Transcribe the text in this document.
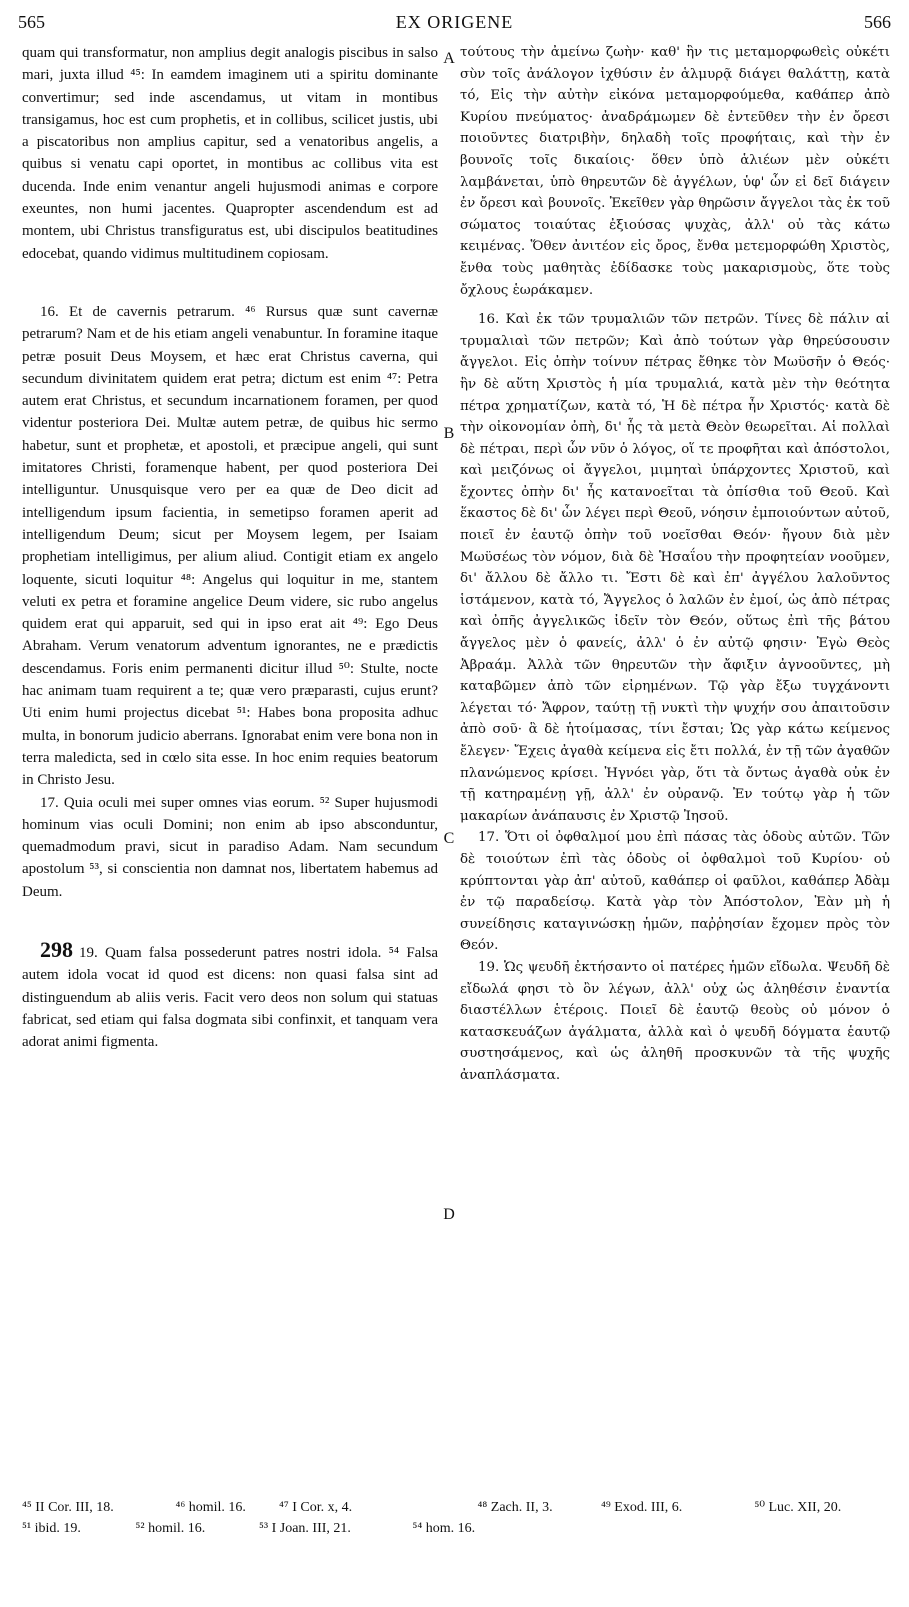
565	EX ORIGENE	566

quam qui transformatur, non amplius degit analogis piscibus in salso mari, juxta illud ⁴⁵: In eamdem imaginem uti a spiritu dominante convertimur; sed inde ascendamus, ut vitam in montibus transigamus, hoc est cum prophetis, et in collibus, scilicet justis, ubi a piscatoribus non amplius capitur, sed a venatoribus angelis, a quibus si venatu capi oportet, in montibus ac collibus vita est ducenda. Inde enim venantur angeli hujusmodi animas e corpore exeuntes, non humi jacentes. Quapropter ascendendum est ad montem, ubi Christus transfiguratus est, ubi discipulos beatitudines edocebat, quando vidimus multitudinem copiosam.

16. Et de cavernis petrarum. ⁴⁶ Rursus quæ sunt cavernæ petrarum? Nam et de his etiam angeli venabuntur. In foramine itaque petræ posuit Deus Moysem, et hæc erat Christus caverna, qui secundum divinitatem quidem erat petra; dictum est enim ⁴⁷: Petra autem erat Christus, et secundum incarnationem foramen, per quod videntur posteriora Dei. Multæ autem petræ, de quibus hic sermo habetur, sunt et prophetæ, et apostoli, et præcipue angeli, qui sunt imitatores Christi, foramenque habent, per quod posteriora Dei intelliguntur. Unusquisque vero per ea quæ de Deo dicit ad intelligendum ipsum facientia, in semetipso foramen aperit ad intelligendum Deum; sicut per Moysem legem, per Isaiam prophetiam intelligimus, per alium aliud. Contigit etiam ex angelo loquente, sicuti loquitur ⁴⁸: Angelus qui loquitur in me, stantem veluti ex petra et foramine angelice Deum videre, sic rubo angelus quidem erat qui apparuit, sed qui in ipso erat ait ⁴⁹: Ego Deus Abraham. Verum venatorum adventum ignorantes, ne e prædictis descendamus. Foris enim permanenti dicitur illud ⁵⁰: Stulte, nocte hac animam tuam requirent a te; quæ vero præparasti, cujus erunt? Uti enim humi projectus dicebat ⁵¹: Habes bona proposita adhuc multa, in bonorum judicio aberrans. Ignorabat enim vere bona non in terra maledicta, sed in cœlo sita esse. In hoc enim requies beatorum in Christo Jesu.

17. Quia oculi mei super omnes vias eorum. ⁵² Super hujusmodi hominum vias oculi Domini; non enim ab ipso absconduntur, quemadmodum pravi, sicut in paradiso Adam. Nam secundum apostolum ⁵³, si conscientia non damnat nos, libertatem habemus ad Deum.

298 19. Quam falsa possederunt patres nostri idola. ⁵⁴ Falsa autem idola vocat id quod est dicens: non quasi falsa sint ad distinguendum ab aliis veris. Facit vero deos non solum qui statuas fabricat, sed etiam qui falsa dogmata sibi confinxit, et tanquam vera adorat animi figmenta.

A
B
C
D

τούτους τὴν ἀμείνω ζωὴν· καθ' ἣν τις μεταμορφωθεὶς οὐκέτι σὺν τοῖς ἀνάλογον ἰχθύσιν ἐν ἁλμυρᾷ διάγει θαλάττῃ, κατὰ τό, Εἰς τὴν αὐτὴν εἰκόνα μεταμορφούμεθα, καθάπερ ἀπὸ Κυρίου πνεύματος· ἀναδράμωμεν δὲ ἐντεῦθεν τὴν ἐν ὄρεσι ποιοῦντες διατριβὴν, δηλαδὴ τοῖς προφήταις, καὶ τὴν ἐν βουνοῖς τοῖς δικαίοις· ὅθεν ὑπὸ ἁλιέων μὲν οὐκέτι λαμβάνεται, ὑπὸ θηρευτῶν δὲ ἀγγέλων, ὑφ' ὧν εἰ δεῖ διάγειν ἐν ὄρεσι καὶ βουνοῖς. Ἐκεῖθεν γὰρ θηρῶσιν ἄγγελοι τὰς ἐκ τοῦ σώματος τοιαύτας ἐξιούσας ψυχὰς, ἀλλ' οὐ τὰς κάτω κειμένας. Ὅθεν ἀνιτέον εἰς ὄρος, ἔνθα μετεμορφώθη Χριστὸς, ἔνθα τοὺς μαθητὰς ἐδίδασκε τοὺς μακαρισμοὺς, ὅτε τοὺς ὄχλους ἑωράκαμεν.

16. Καὶ ἐκ τῶν τρυμαλιῶν τῶν πετρῶν. Τίνες δὲ πάλιν αἱ τρυμαλιαὶ τῶν πετρῶν; Καὶ ἀπὸ τούτων γὰρ θηρεύσουσιν ἄγγελοι. Εἰς ὀπὴν τοίνυν πέτρας ἔθηκε τὸν Μωϋσῆν ὁ Θεός· ἣν δὲ αὕτη Χριστὸς ἡ μία τρυμαλιά, κατὰ μὲν τὴν θεότητα πέτρα χρηματίζων, κατὰ τό, Ἡ δὲ πέτρα ἦν Χριστός· κατὰ δὲ τὴν οἰκονομίαν ὀπὴ, δι' ἧς τὰ μετὰ Θεὸν θεωρεῖται. Αἱ πολλαὶ δὲ πέτραι, περὶ ὧν νῦν ὁ λόγος, οἵ τε προφῆται καὶ ἀπόστολοι, καὶ μειζόνως οἱ ἄγγελοι, μιμηταὶ ὑπάρχοντες Χριστοῦ, καὶ ἔχοντες ὀπὴν δι' ἧς κατανοεῖται τὰ ὀπίσθια τοῦ Θεοῦ. Καὶ ἕκαστος δὲ δι' ὧν λέγει περὶ Θεοῦ, νόησιν ἐμποιούντων αὐτοῦ, ποιεῖ ἐν ἑαυτῷ ὀπὴν τοῦ νοεῖσθαι Θεόν· ἤγουν διὰ μὲν Μωϋσέως τὸν νόμον, διὰ δὲ Ἡσαΐου τὴν προφητείαν νοοῦμεν, δι' ἄλλου δὲ ἄλλο τι. Ἔστι δὲ καὶ ἐπ' ἀγγέλου λαλοῦντος ἱστάμενον, κατὰ τό, Ἄγγελος ὁ λαλῶν ἐν ἐμοί, ὡς ἀπὸ πέτρας καὶ ὀπῆς ἀγγελικῶς ἰδεῖν τὸν Θεόν, οὕτως ἐπὶ τῆς βάτου ἄγγελος μὲν ὁ φανείς, ἀλλ' ὁ ἐν αὐτῷ φησιν· Ἐγὼ Θεὸς Ἀβραάμ. Ἀλλὰ τῶν θηρευτῶν τὴν ἄφιξιν ἀγνοοῦντες, μὴ καταβῶμεν ἀπὸ τῶν εἰρημένων. Τῷ γὰρ ἔξω τυγχάνοντι λέγεται τό· Ἄφρον, ταύτῃ τῇ νυκτὶ τὴν ψυχήν σου ἀπαιτοῦσιν ἀπὸ σοῦ· ἃ δὲ ἡτοίμασας, τίνι ἔσται; Ὡς γὰρ κάτω κείμενος ἔλεγεν· Ἔχεις ἀγαθὰ κείμενα εἰς ἔτι πολλά, ἐν τῇ τῶν ἀγαθῶν πλανώμενος κρίσει. Ἠγνόει γὰρ, ὅτι τὰ ὄντως ἀγαθὰ οὐκ ἐν τῇ κατηραμένῃ γῇ, ἀλλ' ἐν οὐρανῷ. Ἐν τούτῳ γὰρ ἡ τῶν μακαρίων ἀνάπαυσις ἐν Χριστῷ Ἰησοῦ.

17. Ὅτι οἱ ὀφθαλμοί μου ἐπὶ πάσας τὰς ὁδοὺς αὐτῶν. Τῶν δὲ τοιούτων ἐπὶ τὰς ὁδοὺς οἱ ὀφθαλμοὶ τοῦ Κυρίου· οὐ κρύπτονται γὰρ ἀπ' αὐτοῦ, καθάπερ οἱ φαῦλοι, καθάπερ Ἀδὰμ ἐν τῷ παραδείσῳ. Κατὰ γὰρ τὸν Ἀπόστολον, Ἐὰν μὴ ἡ συνείδησις καταγινώσκῃ ἡμῶν, παῤῥησίαν ἔχομεν πρὸς τὸν Θεόν.

19. Ὡς ψευδῆ ἐκτήσαντο οἱ πατέρες ἡμῶν εἴδωλα. Ψευδῆ δὲ εἴδωλά φησι τὸ ὂν λέγων, ἀλλ' οὐχ ὡς ἀληθέσιν ἐναντία διαστέλλων ἑτέροις. Ποιεῖ δὲ ἑαυτῷ θεοὺς οὐ μόνον ὁ κατασκευάζων ἀγάλματα, ἀλλὰ καὶ ὁ ψευδῆ δόγματα ἑαυτῷ συστησάμενος, καὶ ὡς ἀληθῆ προσκυνῶν τὰ τῆς ψυχῆς ἀναπλάσματα.

⁴⁵ II Cor. III, 18.	⁴⁶ homil. 16. ⁴⁷ I Cor. x, 4.	⁴⁸ Zach. II, 3.	⁴⁹ Exod. III, 6.	⁵⁰ Luc. XII, 20.
⁵¹ ibid. 19.	⁵² homil. 16.	⁵³ I Joan. III, 21.	⁵⁴ hom. 16.
